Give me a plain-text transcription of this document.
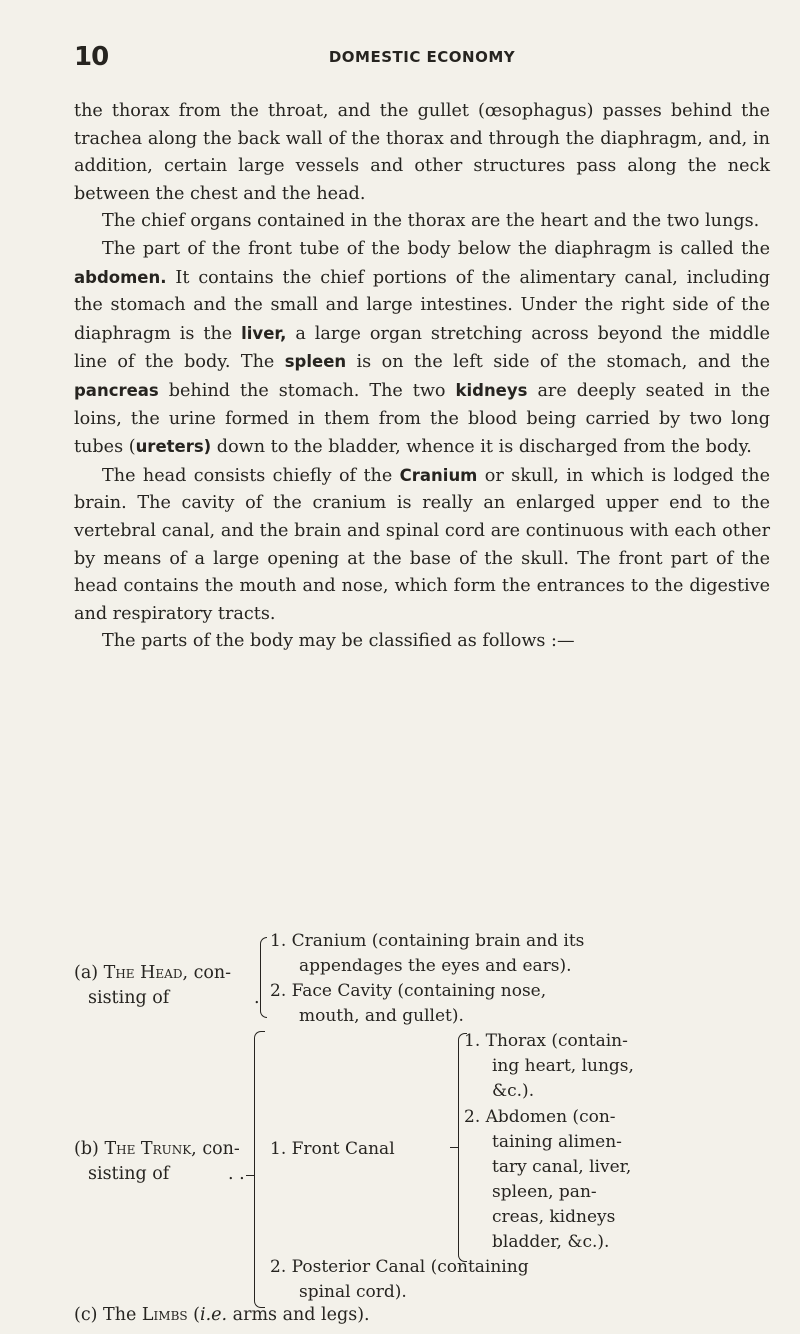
10	DOMESTIC ECONOMY

the thorax from the throat, and the gullet (œsophagus) passes behind the trachea along the back wall of the thorax and through the diaphragm, and, in addition, certain large vessels and other structures pass along the neck between the chest and the head.

The chief organs contained in the thorax are the heart and the two lungs.

The part of the front tube of the body below the diaphragm is called the abdomen. It contains the chief portions of the alimentary canal, including the stomach and the small and large intestines. Under the right side of the diaphragm is the liver, a large organ stretching across beyond the middle line of the body. The spleen is on the left side of the stomach, and the pancreas behind the stomach. The two kidneys are deeply seated in the loins, the urine formed in them from the blood being carried by two long tubes (ureters) down to the bladder, whence it is discharged from the body.

The head consists chiefly of the Cranium or skull, in which is lodged the brain. The cavity of the cranium is really an enlarged upper end to the vertebral canal, and the brain and spinal cord are continuous with each other by means of a large opening at the base of the skull. The front part of the head contains the mouth and nose, which form the entrances to the digestive and respiratory tracts.

The parts of the body may be classified as follows :—

(a) The Head, con-
sisting of	.
1. Cranium (containing brain and its
appendages the eyes and ears).
2. Face Cavity (containing nose,
mouth, and gullet).
(b) The Trunk, con-
sisting of	. .
1. Front Canal
1. Thorax (contain-
ing heart, lungs,
&c.).
2. Abdomen (con-
taining alimen-
tary canal, liver,
spleen, pan-
creas, kidneys
bladder, &c.).
2. Posterior Canal (containing
spinal cord).
(c) The Limbs (i.e. arms and legs).
